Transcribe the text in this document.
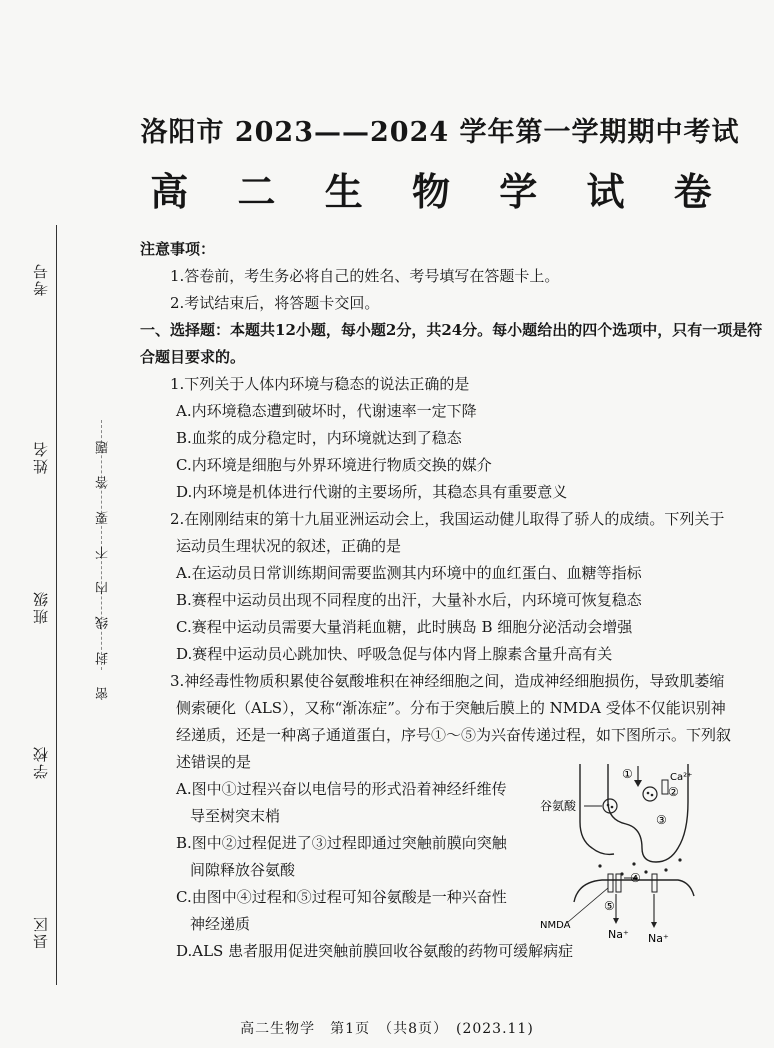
考号
姓名
班级
学校
县区
密 封 线 内 不 要 答 题
洛阳市 2023——2024 学年第一学期期中考试
高 二 生 物 学 试 卷
注意事项：
1.答卷前，考生务必将自己的姓名、考号填写在答题卡上。
2.考试结束后，将答题卡交回。
一、选择题：本题共12小题，每小题2分，共24分。每小题给出的四个选项中，只有一项是符
合题目要求的。
1.下列关于人体内环境与稳态的说法正确的是
A.内环境稳态遭到破坏时，代谢速率一定下降
B.血浆的成分稳定时，内环境就达到了稳态
C.内环境是细胞与外界环境进行物质交换的媒介
D.内环境是机体进行代谢的主要场所，其稳态具有重要意义
2.在刚刚结束的第十九届亚洲运动会上，我国运动健儿取得了骄人的成绩。下列关于
运动员生理状况的叙述，正确的是
A.在运动员日常训练期间需要监测其内环境中的血红蛋白、血糖等指标
B.赛程中运动员出现不同程度的出汗，大量补水后，内环境可恢复稳态
C.赛程中运动员需要大量消耗血糖，此时胰岛 B 细胞分泌活动会增强
D.赛程中运动员心跳加快、呼吸急促与体内肾上腺素含量升高有关
3.神经毒性物质积累使谷氨酸堆积在神经细胞之间，造成神经细胞损伤，导致肌萎缩
侧索硬化（ALS），又称“渐冻症”。分布于突触后膜上的 NMDA 受体不仅能识别神
经递质，还是一种离子通道蛋白，序号①～⑤为兴奋传递过程，如下图所示。下列叙
述错误的是
A.图中①过程兴奋以电信号的形式沿着神经纤维传
导至树突末梢
B.图中②过程促进了③过程即通过突触前膜向突触
间隙释放谷氨酸
C.由图中④过程和⑤过程可知谷氨酸是一种兴奋性
神经递质
D.ALS 患者服用促进突触前膜回收谷氨酸的药物可缓解病症
谷氨酸
①	Ca²⁺
②
③
④
⑤
NMDA
Na⁺ Na⁺
高二生物学　第1页　（共8页）　(2023.11)
